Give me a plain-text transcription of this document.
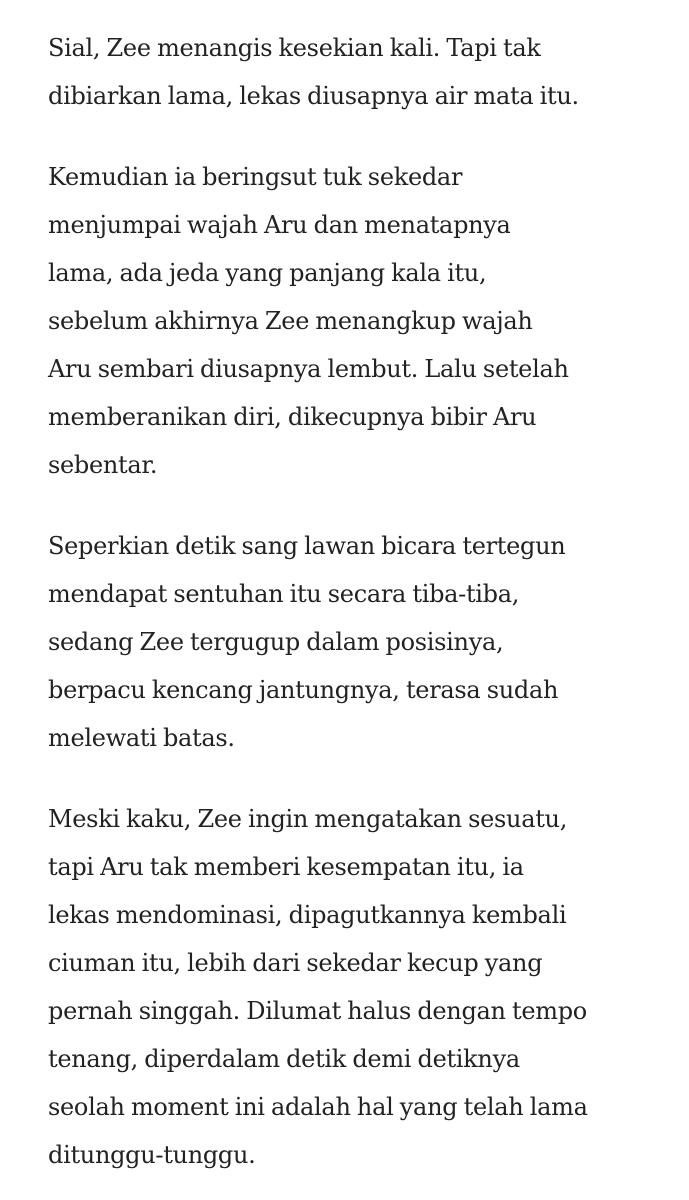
Sial, Zee menangis kesekian kali. Tapi tak
dibiarkan lama, lekas diusapnya air mata itu.

Kemudian ia beringsut tuk sekedar
menjumpai wajah Aru dan menatapnya
lama, ada jeda yang panjang kala itu,
sebelum akhirnya Zee menangkup wajah
Aru sembari diusapnya lembut. Lalu setelah
memberanikan diri, dikecupnya bibir Aru
sebentar.

Seperkian detik sang lawan bicara tertegun
mendapat sentuhan itu secara tiba-tiba,
sedang Zee tergugup dalam posisinya,
berpacu kencang jantungnya, terasa sudah
melewati batas.

Meski kaku, Zee ingin mengatakan sesuatu,
tapi Aru tak memberi kesempatan itu, ia
lekas mendominasi, dipagutkannya kembali
ciuman itu, lebih dari sekedar kecup yang
pernah singgah. Dilumat halus dengan tempo
tenang, diperdalam detik demi detiknya
seolah moment ini adalah hal yang telah lama
ditunggu-tunggu.
